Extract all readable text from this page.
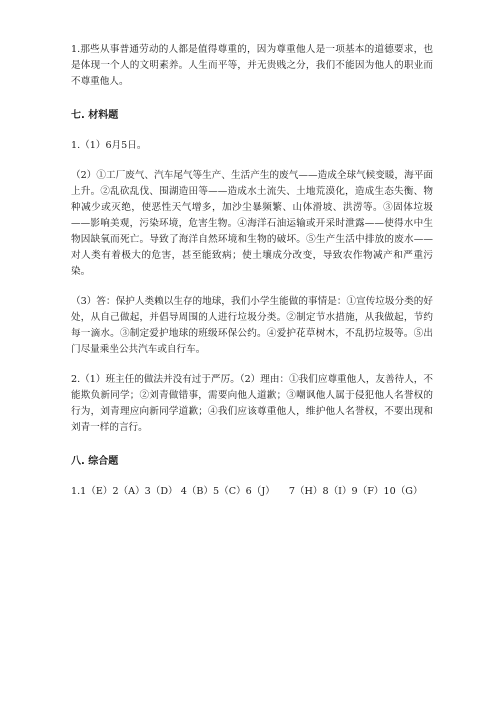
1.那些从事普通劳动的人都是值得尊重的，因为尊重他人是一项基本的道德要求，也是体现一个人的文明素养。人生而平等，并无贵贱之分，我们不能因为他人的职业而不尊重他人。

七. 材料题

1.（1）6月5日。

（2）①工厂废气、汽车尾气等生产、生活产生的废气——造成全球气候变暖，海平面上升。②乱砍乱伐、围湖造田等——造成水土流失、土地荒漠化，造成生态失衡、物种减少或灭绝，使恶性天气增多，加沙尘暴频繁、山体滑坡、洪涝等。③固体垃圾——影响美观，污染环境，危害生物。④海洋石油运输或开采时泄露——使得水中生物因缺氧而死亡。导致了海洋自然环境和生物的破坏。⑤生产生活中排放的废水——对人类有着极大的危害，甚至能致病；使土壤成分改变，导致农作物减产和严重污染。

（3）答：保护人类赖以生存的地球，我们小学生能做的事情是：①宣传垃圾分类的好处，从自己做起，并倡导周围的人进行垃圾分类。②制定节水措施，从我做起，节约每一滴水。③制定爱护地球的班级环保公约。④爱护花草树木，不乱扔垃圾等。⑤出门尽量乘坐公共汽车或自行车。

2.（1）班主任的做法并没有过于严厉。（2）理由：①我们应尊重他人，友善待人，不能欺负新同学；②刘青做错事，需要向他人道歉；③嘲讽他人属于侵犯他人名誉权的行为，刘青理应向新同学道歉；④我们应该尊重他人，维护他人名誉权，不要出现和刘青一样的言行。

八. 综合题

1.1（E）2（A）3（D） 4（B）5（C）6（J） 7（H）8（I）9（F）10（G）
